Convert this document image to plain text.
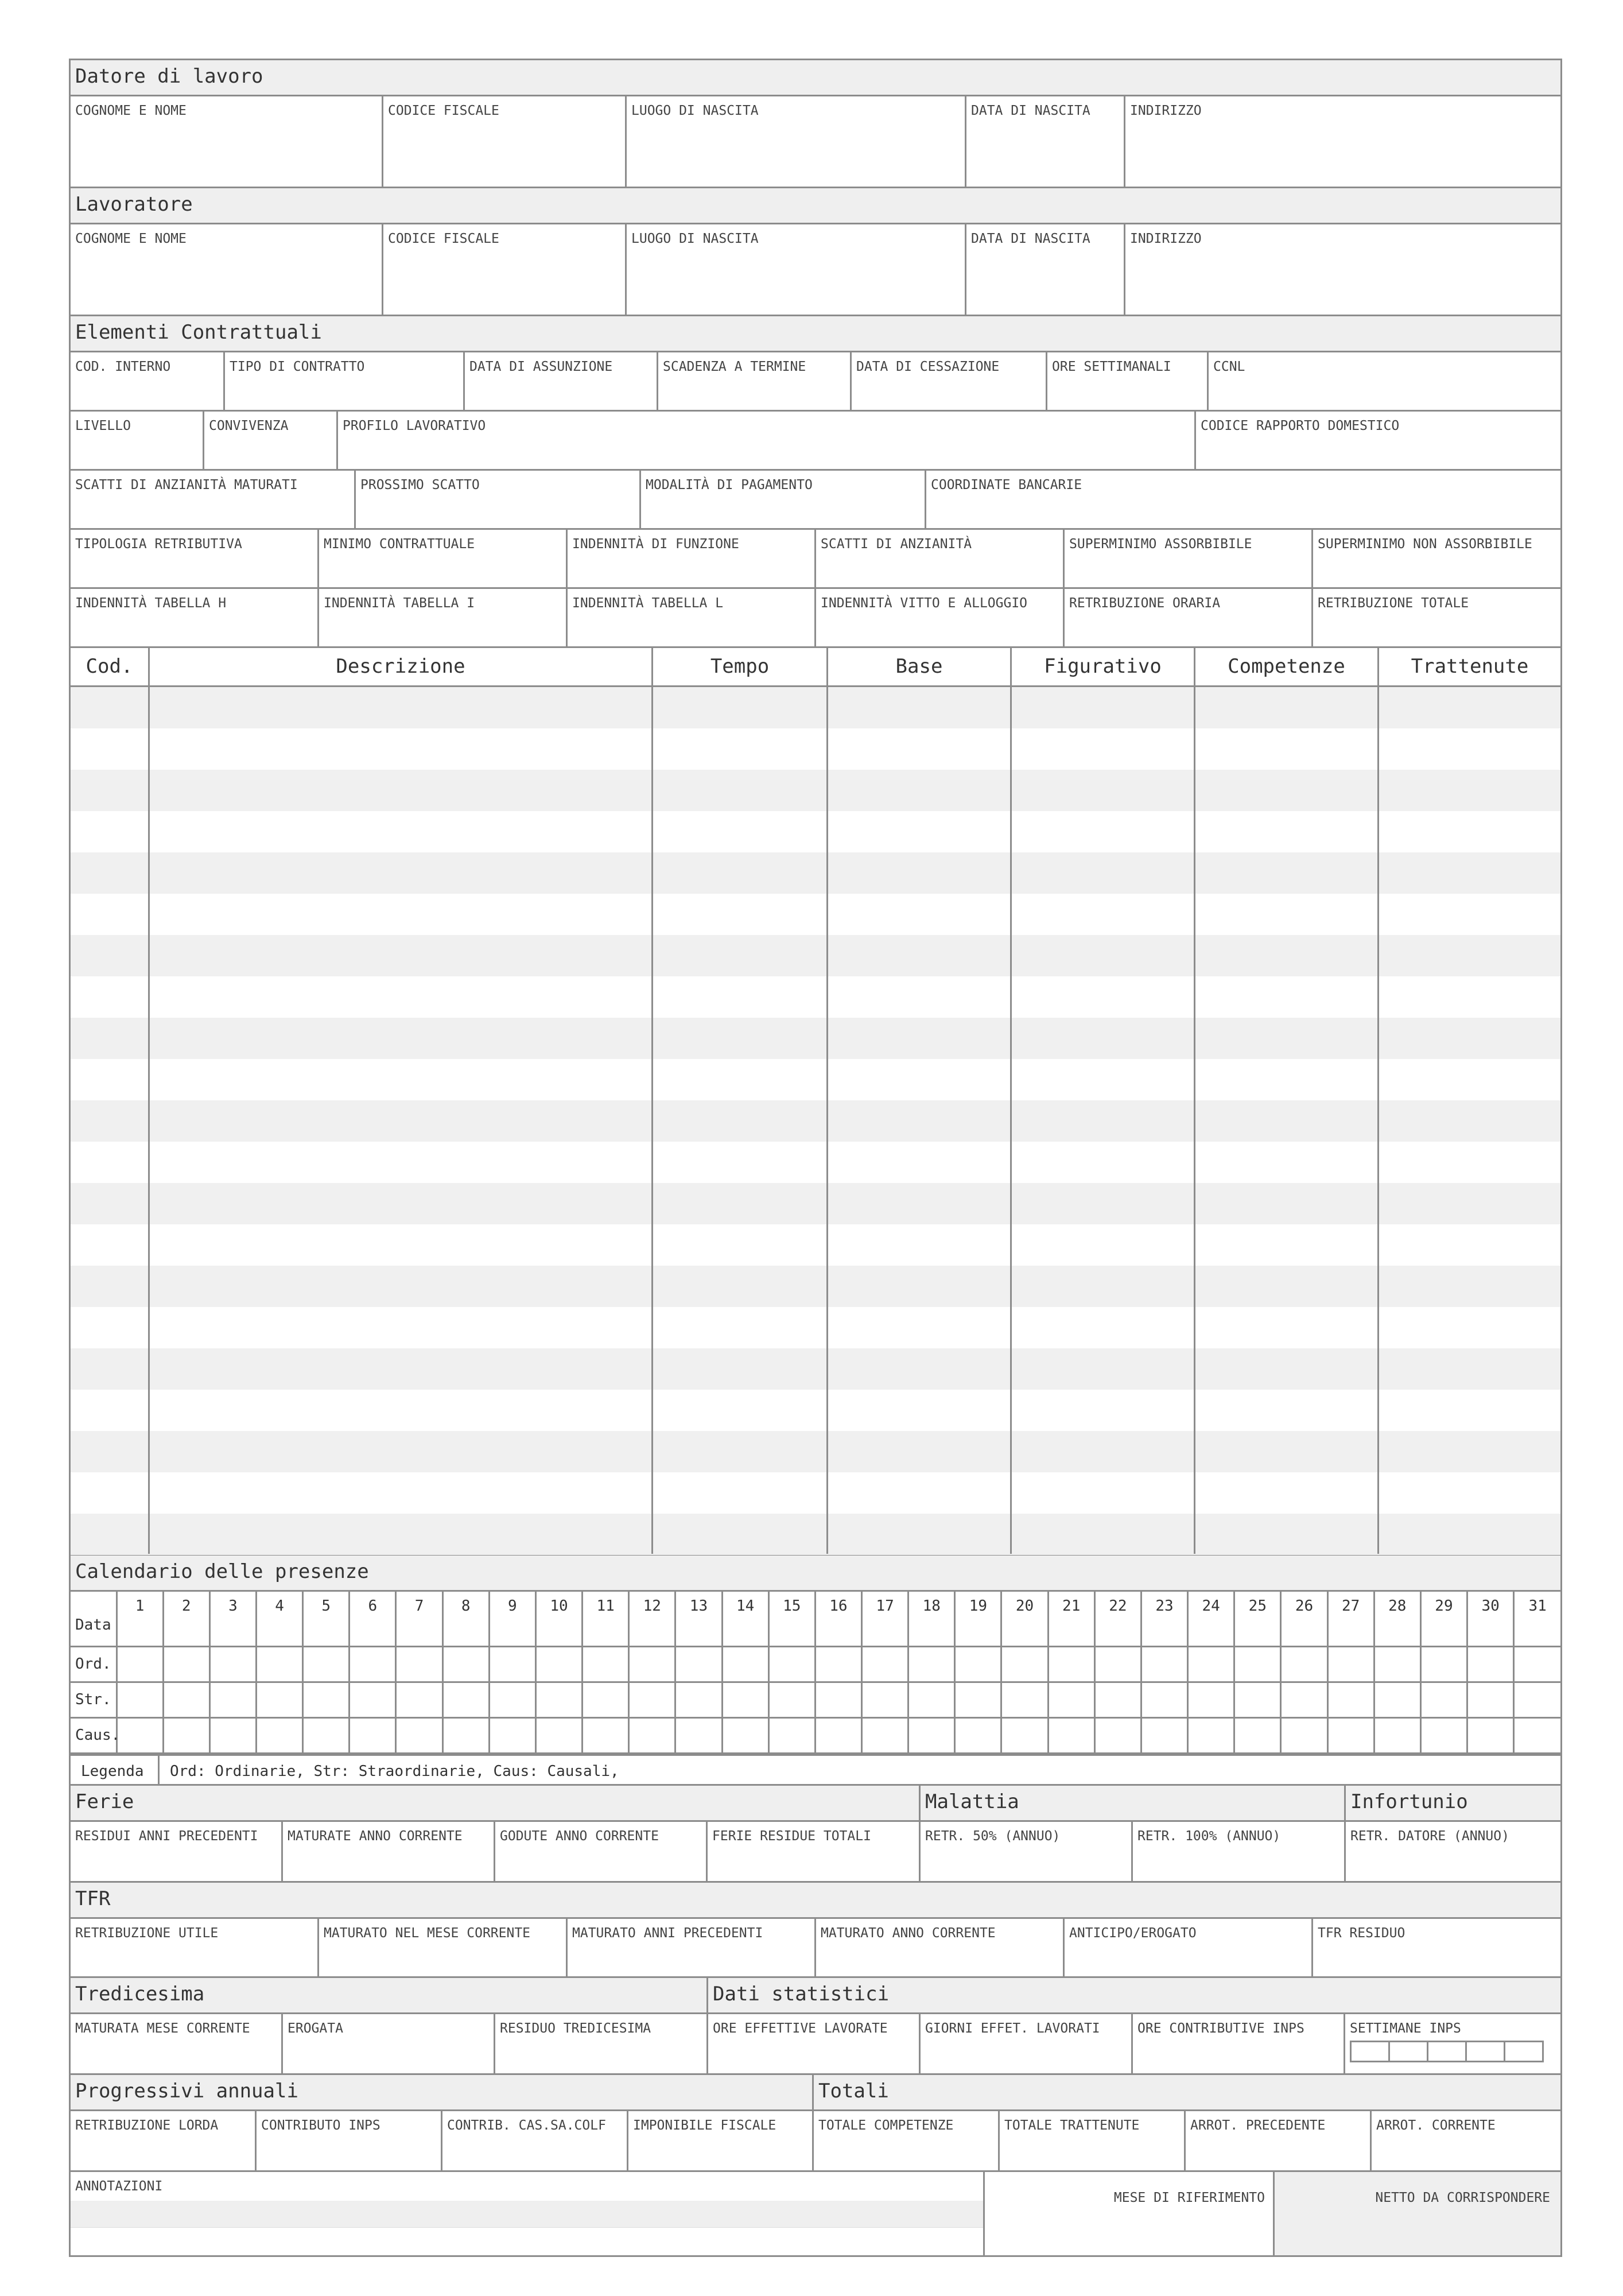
Datore di lavoro
COGNOME E NOME	CODICE FISCALE	LUOGO DI NASCITA	DATA DI NASCITA	INDIRIZZO
Lavoratore
COGNOME E NOME	CODICE FISCALE	LUOGO DI NASCITA	DATA DI NASCITA	INDIRIZZO
Elementi Contrattuali
COD. INTERNO	TIPO DI CONTRATTO	DATA DI ASSUNZIONE	SCADENZA A TERMINE	DATA DI CESSAZIONE	ORE SETTIMANALI	CCNL
LIVELLO	CONVIVENZA	PROFILO LAVORATIVO	CODICE RAPPORTO DOMESTICO
SCATTI DI ANZIANITÀ MATURATI	PROSSIMO SCATTO	MODALITÀ DI PAGAMENTO	COORDINATE BANCARIE
TIPOLOGIA RETRIBUTIVA	MINIMO CONTRATTUALE	INDENNITÀ DI FUNZIONE	SCATTI DI ANZIANITÀ	SUPERMINIMO ASSORBIBILE	SUPERMINIMO NON ASSORBIBILE
INDENNITÀ TABELLA H	INDENNITÀ TABELLA I	INDENNITÀ TABELLA L	INDENNITÀ VITTO E ALLOGGIO	RETRIBUZIONE ORARIA	RETRIBUZIONE TOTALE
Cod.	Descrizione	Tempo	Base	Figurativo	Competenze	Trattenute
Calendario delle presenze
Data	1	2	3	4	5	6	7	8	9	10	11	12	13	14	15	16	17	18	19	20	21	22	23	24	25	26	27	28	29	30	31
Ord.																															
Str.																															
Caus.																															
Legenda	Ord: Ordinarie, Str: Straordinarie, Caus: Causali,
Ferie
RESIDUI ANNI PRECEDENTI	MATURATE ANNO CORRENTE	GODUTE ANNO CORRENTE	FERIE RESIDUE TOTALI
Malattia
RETR. 50% (ANNUO)	RETR. 100% (ANNUO)
Infortunio
RETR. DATORE (ANNUO)
TFR
RETRIBUZIONE UTILE	MATURATO NEL MESE CORRENTE	MATURATO ANNI PRECEDENTI	MATURATO ANNO CORRENTE	ANTICIPO/EROGATO	TFR RESIDUO
Tredicesima
MATURATA MESE CORRENTE	EROGATA	RESIDUO TREDICESIMA
Dati statistici
ORE EFFETTIVE LAVORATE	GIORNI EFFET. LAVORATI	ORE CONTRIBUTIVE INPS	SETTIMANE INPS
Progressivi annuali
RETRIBUZIONE LORDA	CONTRIBUTO INPS	CONTRIB. CAS.SA.COLF	IMPONIBILE FISCALE
Totali
TOTALE COMPETENZE	TOTALE TRATTENUTE	ARROT. PRECEDENTE	ARROT. CORRENTE
ANNOTAZIONI
MESE DI RIFERIMENTO	NETTO DA CORRISPONDERE
